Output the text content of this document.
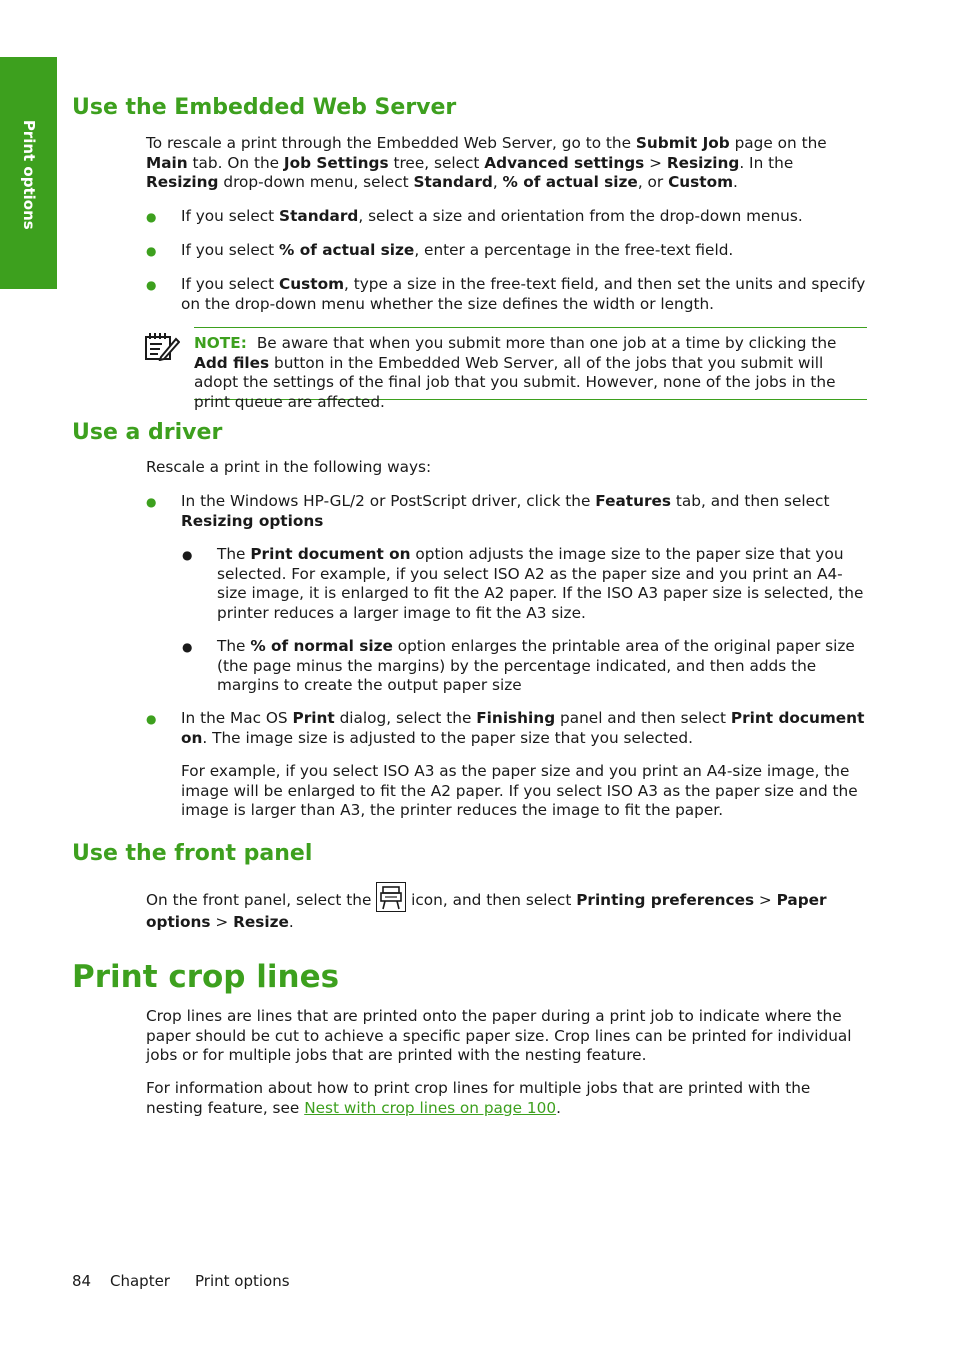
Print options
Use the Embedded Web Server

To rescale a print through the Embedded Web Server, go to the Submit Job page on the Main tab. On the Job Settings tree, select Advanced settings > Resizing. In the Resizing drop-down menu, select Standard, % of actual size, or Custom.

● If you select Standard, select a size and orientation from the drop-down menus.

● If you select % of actual size, enter a percentage in the free-text field.

● If you select Custom, type a size in the free-text field, and then set the units and specify on the drop-down menu whether the size defines the width or length.

NOTE: Be aware that when you submit more than one job at a time by clicking the Add files button in the Embedded Web Server, all of the jobs that you submit will adopt the settings of the final job that you submit. However, none of the jobs in the print queue are affected.

Use a driver

Rescale a print in the following ways:

● In the Windows HP-GL/2 or PostScript driver, click the Features tab, and then select Resizing options

● The Print document on option adjusts the image size to the paper size that you selected. For example, if you select ISO A2 as the paper size and you print an A4-size image, it is enlarged to fit the A2 paper. If the ISO A3 paper size is selected, the printer reduces a larger image to fit the A3 size.

● The % of normal size option enlarges the printable area of the original paper size (the page minus the margins) by the percentage indicated, and then adds the margins to create the output paper size

● In the Mac OS Print dialog, select the Finishing panel and then select Print document on. The image size is adjusted to the paper size that you selected.

For example, if you select ISO A3 as the paper size and you print an A4-size image, the image will be enlarged to fit the A2 paper. If you select ISO A3 as the paper size and the image is larger than A3, the printer reduces the image to fit the paper.

Use the front panel

On the front panel, select the  icon, and then select Printing preferences > Paper options > Resize.

Print crop lines

Crop lines are lines that are printed onto the paper during a print job to indicate where the paper should be cut to achieve a specific paper size. Crop lines can be printed for individual jobs or for multiple jobs that are printed with the nesting feature.

For information about how to print crop lines for multiple jobs that are printed with the nesting feature, see Nest with crop lines on page 100.

84 Chapter Print options
